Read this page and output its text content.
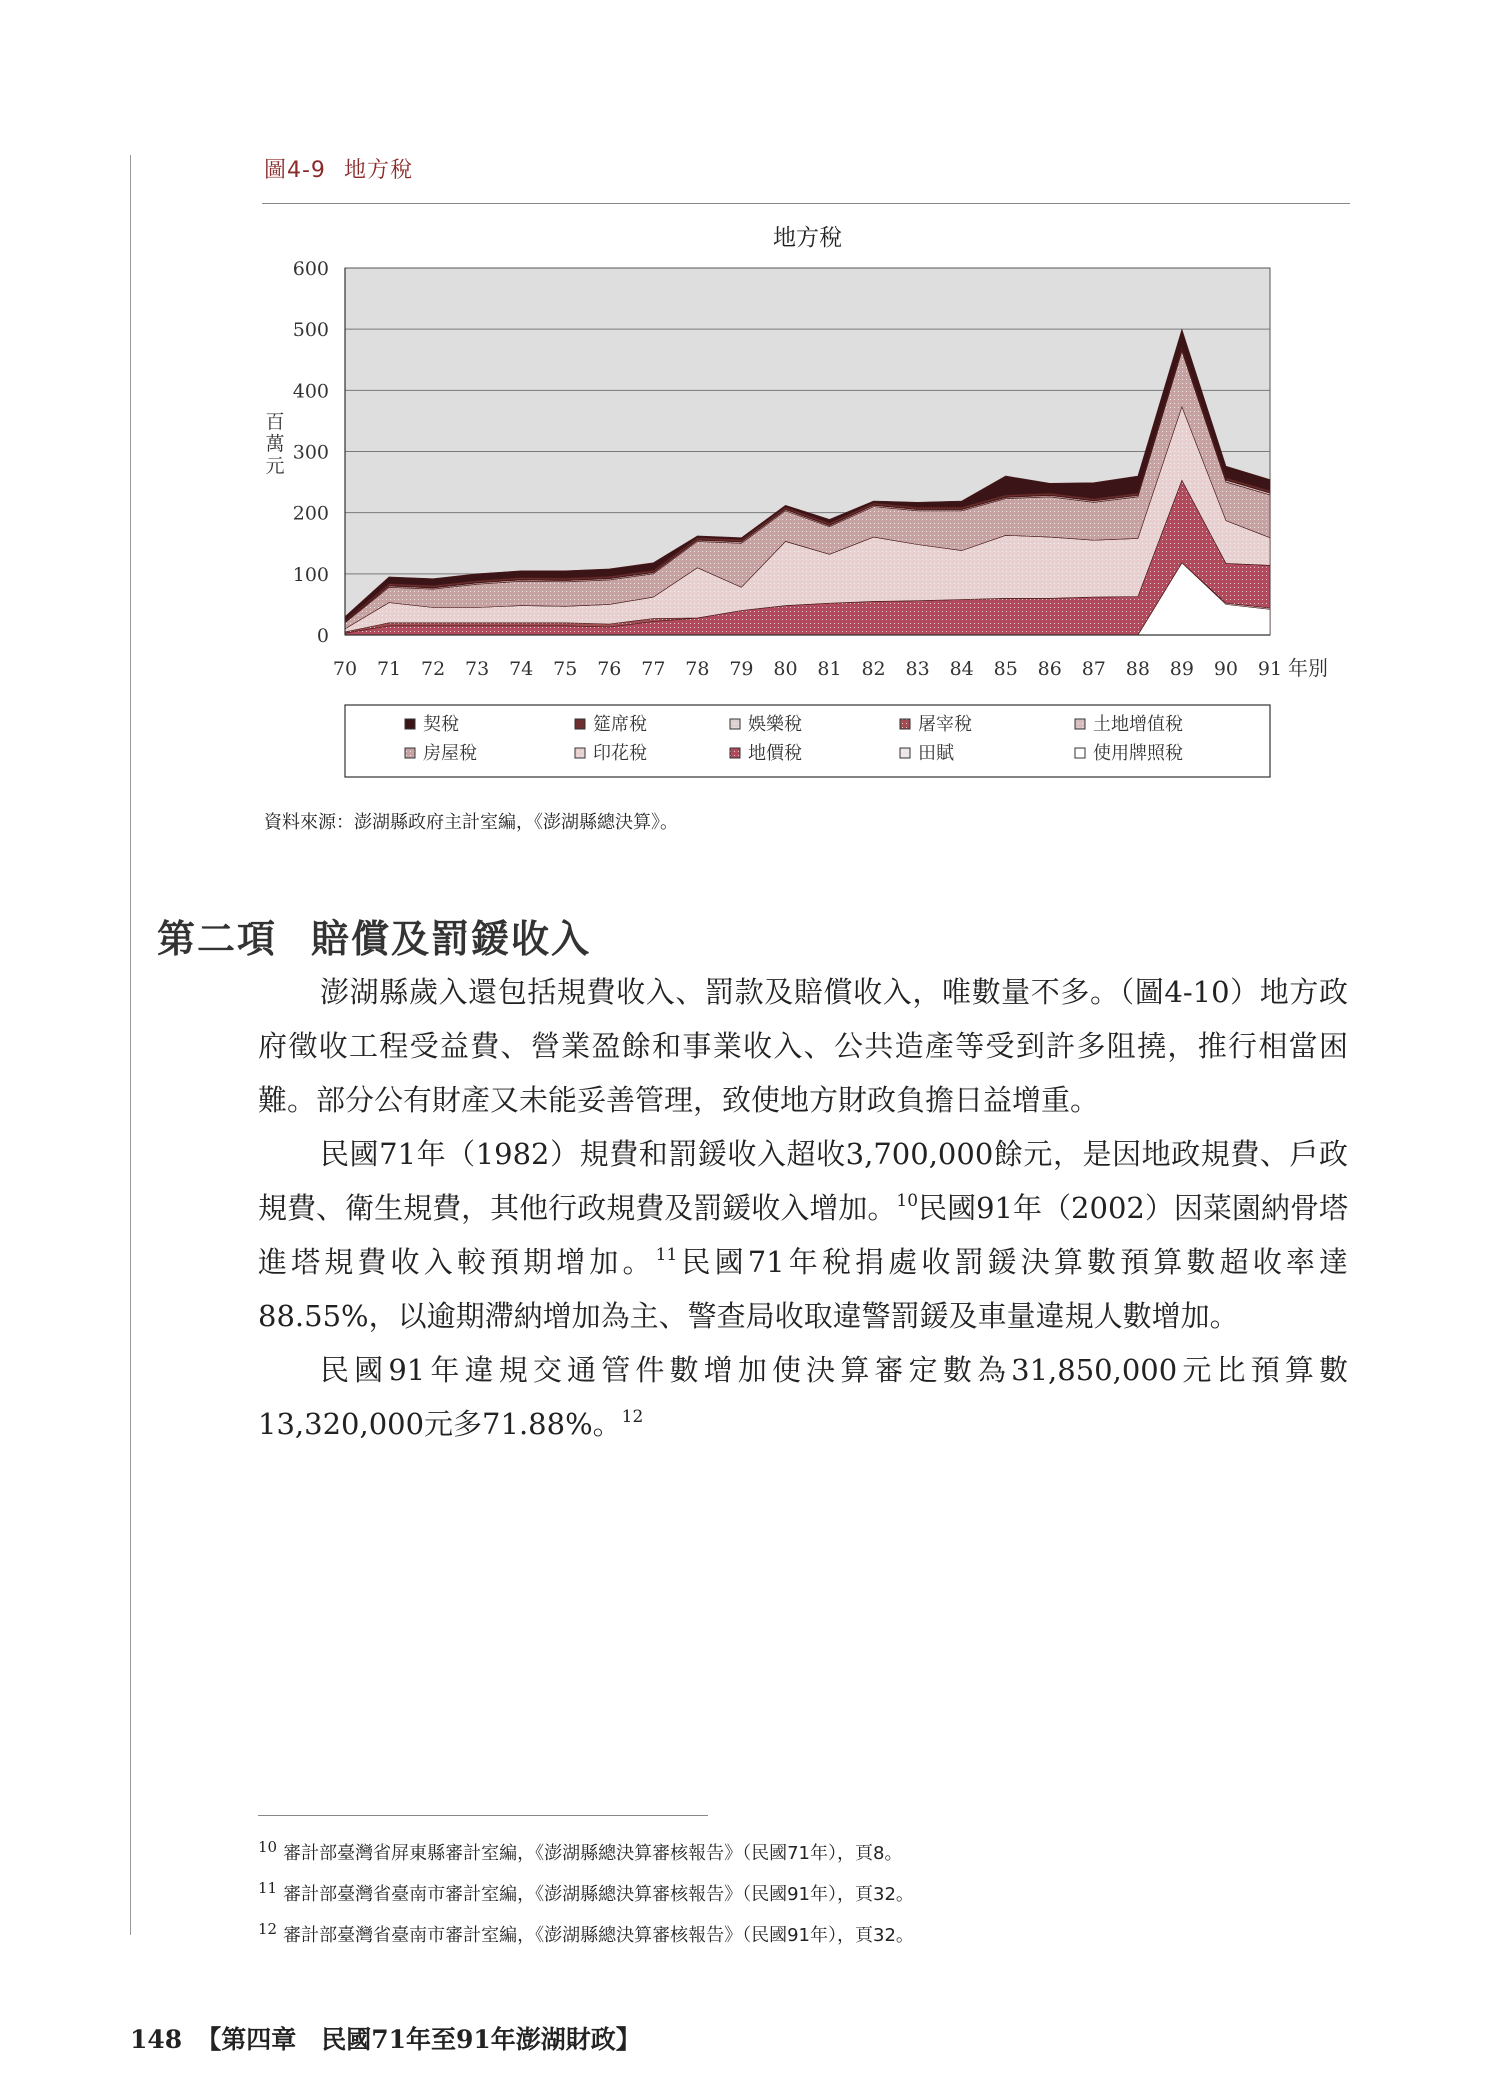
圖4-9 地方稅
地方稅
0
100
200
300
400
500
600
70 71 72 73 74 75 76 77 78 79 80 81 82 83 84 85 86 87 88 89 90 91 年別
百萬元
契稅	筵席稅	娛樂稅	屠宰稅	土地增值稅
房屋稅	印花稅	地價稅	田賦	使用牌照稅
資料來源：澎湖縣政府主計室編，《澎湖縣總決算》。
第二項 賠償及罰鍰收入

澎湖縣歲入還包括規費收入、罰款及賠償收入，唯數量不多。（圖4-10）地方政府徵收工程受益費、營業盈餘和事業收入、公共造產等受到許多阻撓，推行相當困難。部分公有財產又未能妥善管理，致使地方財政負擔日益增重。

民國71年（1982）規費和罰鍰收入超收3,700,000餘元，是因地政規費、戶政規費、衛生規費，其他行政規費及罰鍰收入增加。$^{10}$民國91年（2002）因菜園納骨塔進塔規費收入較預期增加。$^{11}$民國71年稅捐處收罰鍰決算數預算數超收率達88.55%，以逾期滯納增加為主、警查局收取違警罰鍰及車量違規人數增加。

民國91年違規交通管件數增加使決算審定數為31,850,000元比預算數13,320,000元多71.88%。$^{12}$

$^{10}$ 審計部臺灣省屏東縣審計室編，《澎湖縣總決算審核報告》（民國71年），頁8。
$^{11}$ 審計部臺灣省臺南市審計室編，《澎湖縣總決算審核報告》（民國91年），頁32。
$^{12}$ 審計部臺灣省臺南市審計室編，《澎湖縣總決算審核報告》（民國91年），頁32。
148 【第四章　民國71年至91年澎湖財政】
